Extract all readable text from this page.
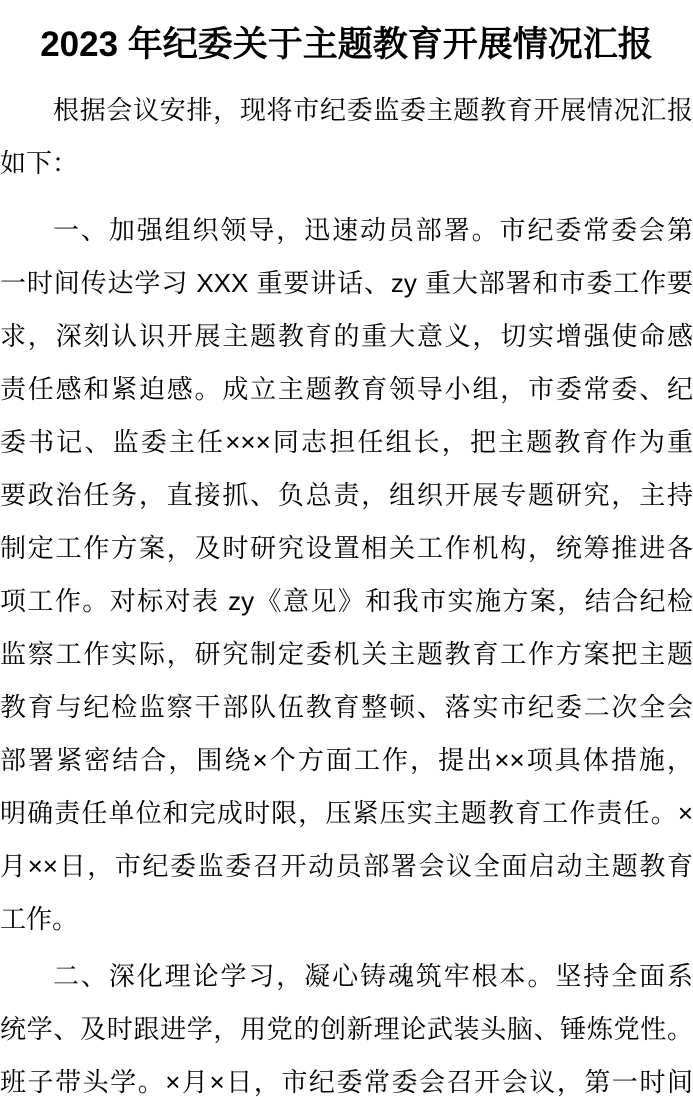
2023 年纪委关于主题教育开展情况汇报
根据会议安排，现将市纪委监委主题教育开展情况汇报
如下：
一、加强组织领导，迅速动员部署。市纪委常委会第
一时间传达学习 XXX 重要讲话、zy 重大部署和市委工作要
求，深刻认识开展主题教育的重大意义，切实增强使命感
责任感和紧迫感。成立主题教育领导小组，市委常委、纪
委书记、监委主任×××同志担任组长，把主题教育作为重
要政治任务，直接抓、负总责，组织开展专题研究，主持
制定工作方案，及时研究设置相关工作机构，统筹推进各
项工作。对标对表 zy《意见》和我市实施方案，结合纪检
监察工作实际，研究制定委机关主题教育工作方案把主题
教育与纪检监察干部队伍教育整顿、落实市纪委二次全会
部署紧密结合，围绕×个方面工作，提出××项具体措施，
明确责任单位和完成时限，压紧压实主题教育工作责任。×
月××日，市纪委监委召开动员部署会议全面启动主题教育
工作。
二、深化理论学习，凝心铸魂筑牢根本。坚持全面系
统学、及时跟进学，用党的创新理论武装头脑、锤炼党性。
班子带头学。×月×日，市纪委常委会召开会议，第一时间
